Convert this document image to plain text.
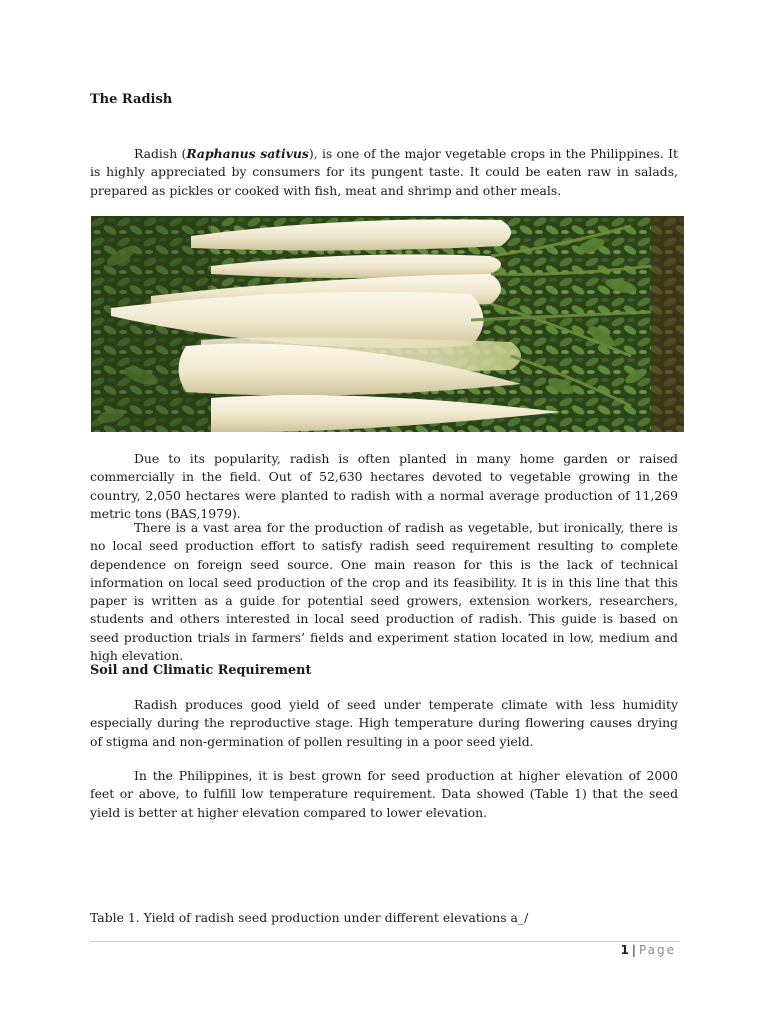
The Radish

Radish (Raphanus sativus), is one of the major vegetable crops in the Philippines. It is highly appreciated by consumers for its pungent taste. It could be eaten raw in salads, prepared as pickles or cooked with fish, meat and shrimp and other meals.

Due to its popularity, radish is often planted in many home garden or raised commercially in the field. Out of 52,630 hectares devoted to vegetable growing in the country, 2,050 hectares were planted to radish with a normal average production of 11,269 metric tons (BAS,1979).

There is a vast area for the production of radish as vegetable, but ironically, there is no local seed production effort to satisfy radish seed requirement resulting to complete dependence on foreign seed source. One main reason for this is the lack of technical information on local seed production of the crop and its feasibility. It is in this line that this paper is written as a guide for potential seed growers, extension workers, researchers, students and others interested in local seed production of radish. This guide is based on seed production trials in farmers’ fields and experiment station located in low, medium and high elevation.

Soil and Climatic Requirement

Radish produces good yield of seed under temperate climate with less humidity especially during the reproductive stage. High temperature during flowering causes drying of stigma and non-germination of pollen resulting in a poor seed yield.

In the Philippines, it is best grown for seed production at higher elevation of 2000 feet or above, to fulfill low temperature requirement. Data showed (Table 1) that the seed yield is better at higher elevation compared to lower elevation.

Table 1. Yield of radish seed production under different elevations a_/
1 | Page
